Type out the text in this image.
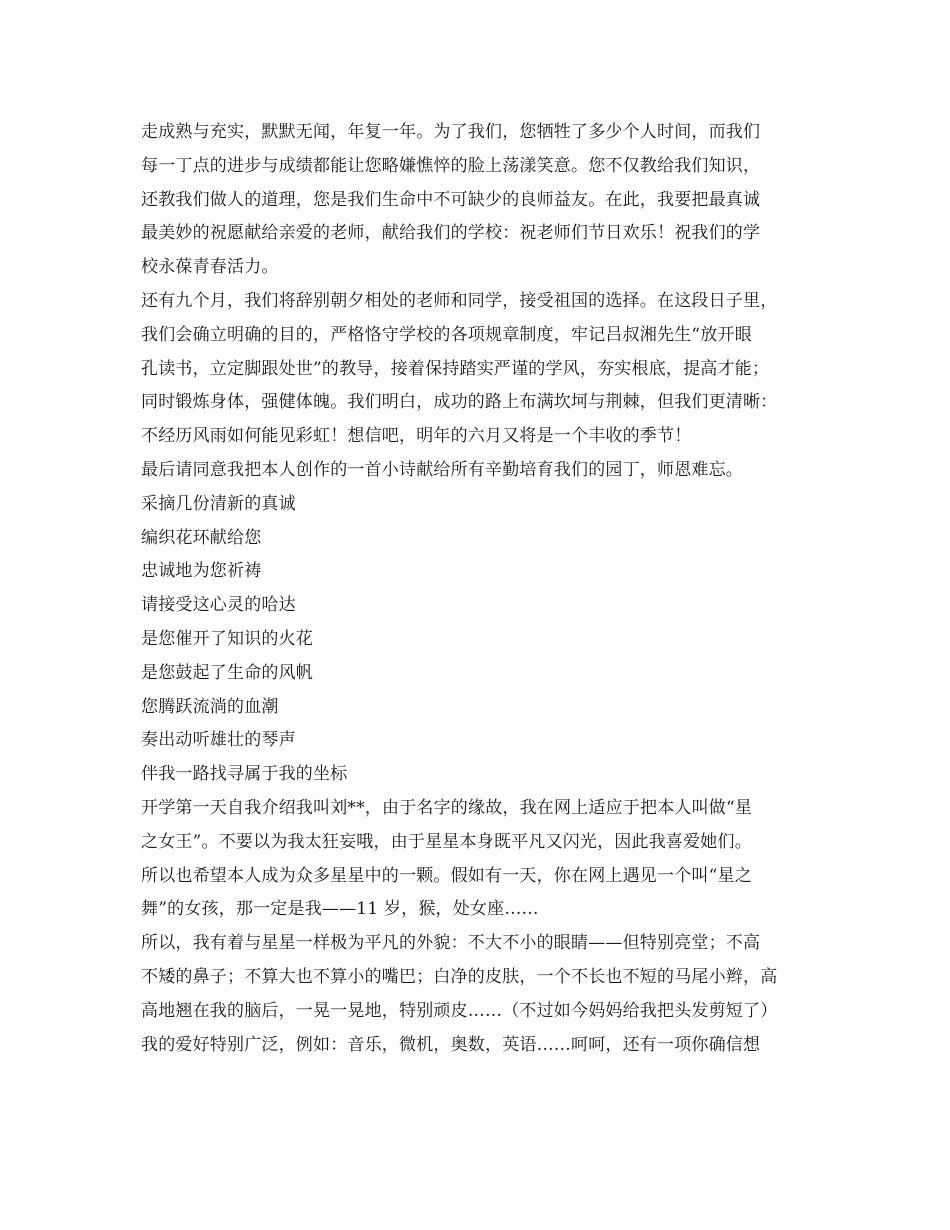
走成熟与充实，默默无闻，年复一年。为了我们，您牺牲了多少个人时间，而我们
每一丁点的进步与成绩都能让您略嫌憔悴的脸上荡漾笑意。您不仅教给我们知识，
还教我们做人的道理，您是我们生命中不可缺少的良师益友。在此，我要把最真诚
最美妙的祝愿献给亲爱的老师，献给我们的学校：祝老师们节日欢乐！祝我们的学
校永葆青春活力。
还有九个月，我们将辞别朝夕相处的老师和同学，接受祖国的选择。在这段日子里，
我们会确立明确的目的，严格恪守学校的各项规章制度，牢记吕叔湘先生“放开眼
孔读书，立定脚跟处世”的教导，接着保持踏实严谨的学风，夯实根底，提高才能；
同时锻炼身体，强健体魄。我们明白，成功的路上布满坎坷与荆棘，但我们更清晰：
不经历风雨如何能见彩虹！想信吧，明年的六月又将是一个丰收的季节！
最后请同意我把本人创作的一首小诗献给所有辛勤培育我们的园丁，师恩难忘。
采摘几份清新的真诚
编织花环献给您
忠诚地为您祈祷
请接受这心灵的哈达
是您催开了知识的火花
是您鼓起了生命的风帆
您腾跃流淌的血潮
奏出动听雄壮的琴声
伴我一路找寻属于我的坐标
开学第一天自我介绍我叫刘**，由于名字的缘故，我在网上适应于把本人叫做“星
之女王”。不要以为我太狂妄哦，由于星星本身既平凡又闪光，因此我喜爱她们。
所以也希望本人成为众多星星中的一颗。假如有一天，你在网上遇见一个叫“星之
舞”的女孩，那一定是我——11 岁，猴，处女座……
所以，我有着与星星一样极为平凡的外貌：不大不小的眼睛——但特别亮堂；不高
不矮的鼻子；不算大也不算小的嘴巴；白净的皮肤，一个不长也不短的马尾小辫，高
高地翘在我的脑后，一晃一晃地，特别顽皮……（不过如今妈妈给我把头发剪短了）
我的爱好特别广泛，例如：音乐，微机，奥数，英语……呵呵，还有一项你确信想
